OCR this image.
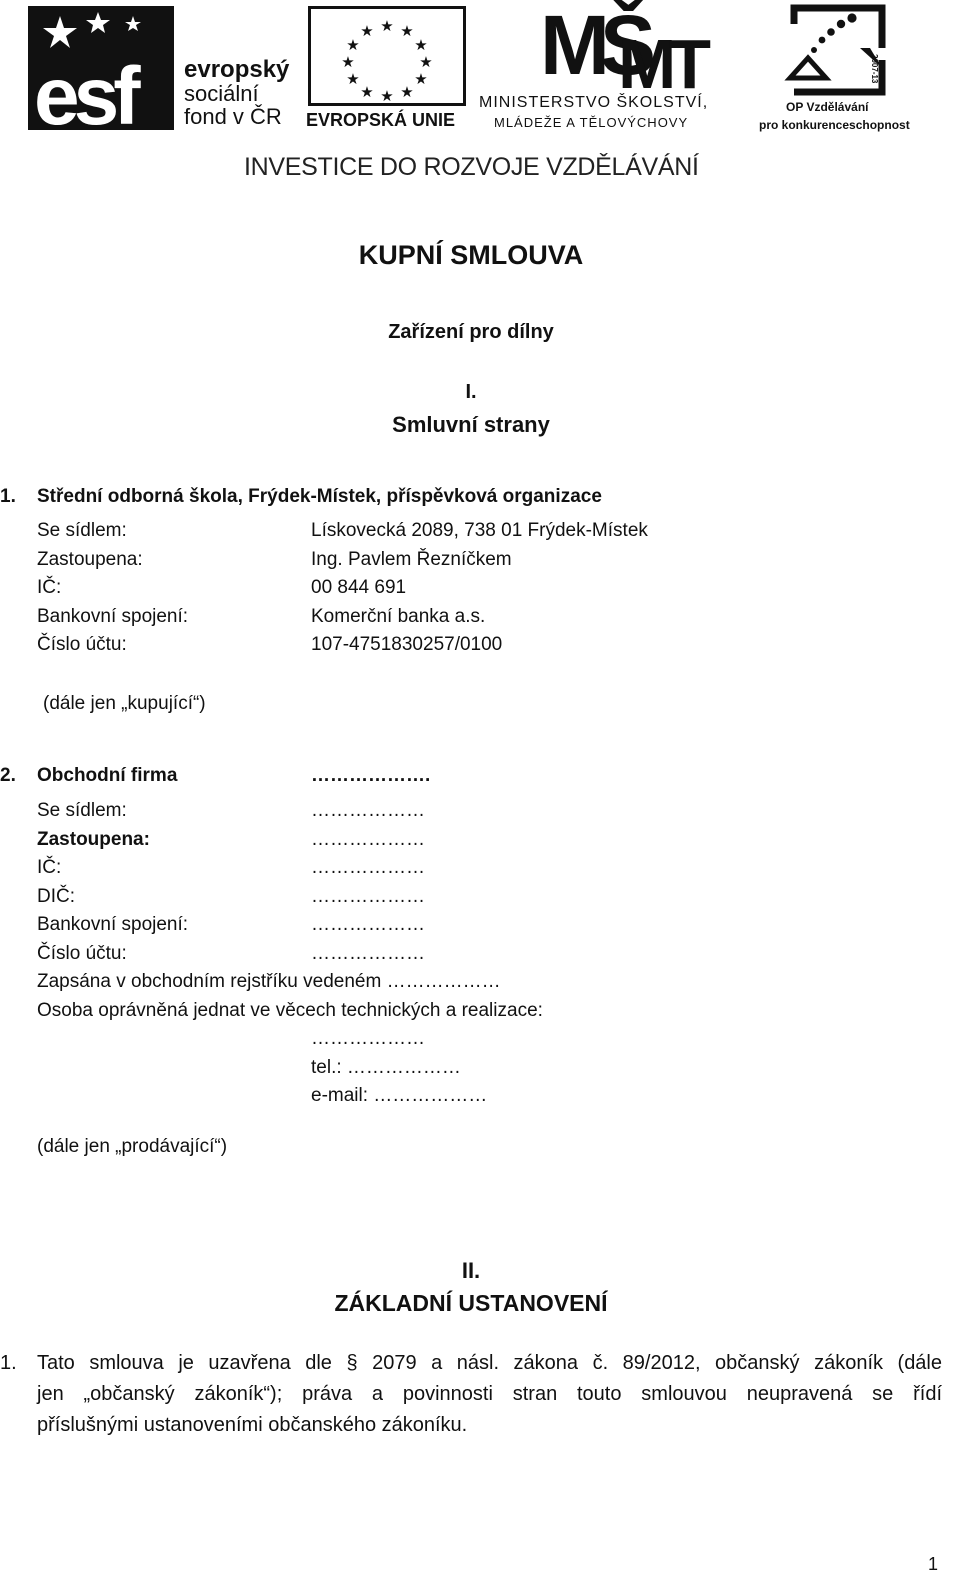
esf evropský
sociální
fond v ČR
★ ★
★
★
★
★
★
★
★
★
★
★
EVROPSKÁ UNIE
MŠ
MT
MINISTERSTVO ŠKOLSTVÍ,
MLÁDEŽE A TĚLOVÝCHOVY
2007-13
OP Vzdělávání
pro konkurenceschopnost
INVESTICE DO ROZVOJE VZDĚLÁVÁNÍ
KUPNÍ SMLOUVA
Zařízení pro dílny
I.
Smluvní strany
1. Střední odborná škola, Frýdek-Místek, příspěvková organizace
Se sídlem:	Lískovecká 2089, 738 01 Frýdek-Místek
Zastoupena:	Ing. Pavlem Řezníčkem
IČ:	00 844 691
Bankovní spojení:	Komerční banka a.s.
Číslo účtu:	107-4751830257/0100
(dále jen „kupující“)
2. Obchodní firma	……………….
Se sídlem:	………………
Zastoupena:	………………
IČ:	………………
DIČ:	………………
Bankovní spojení:	………………
Číslo účtu:	………………
Zapsána v obchodním rejstříku vedeném ………………
Osoba oprávněná jednat ve věcech technických a realizace:
………………
tel.: ………………
e-mail: ………………
(dále jen „prodávající“)
II.
ZÁKLADNÍ USTANOVENÍ
1. Tato smlouva je uzavřena dle § 2079 a násl. zákona č. 89/2012, občanský zákoník (dále
jen „občanský zákoník“); práva a povinnosti stran touto smlouvou neupravená se řídí
příslušnými ustanoveními občanského zákoníku.
1
